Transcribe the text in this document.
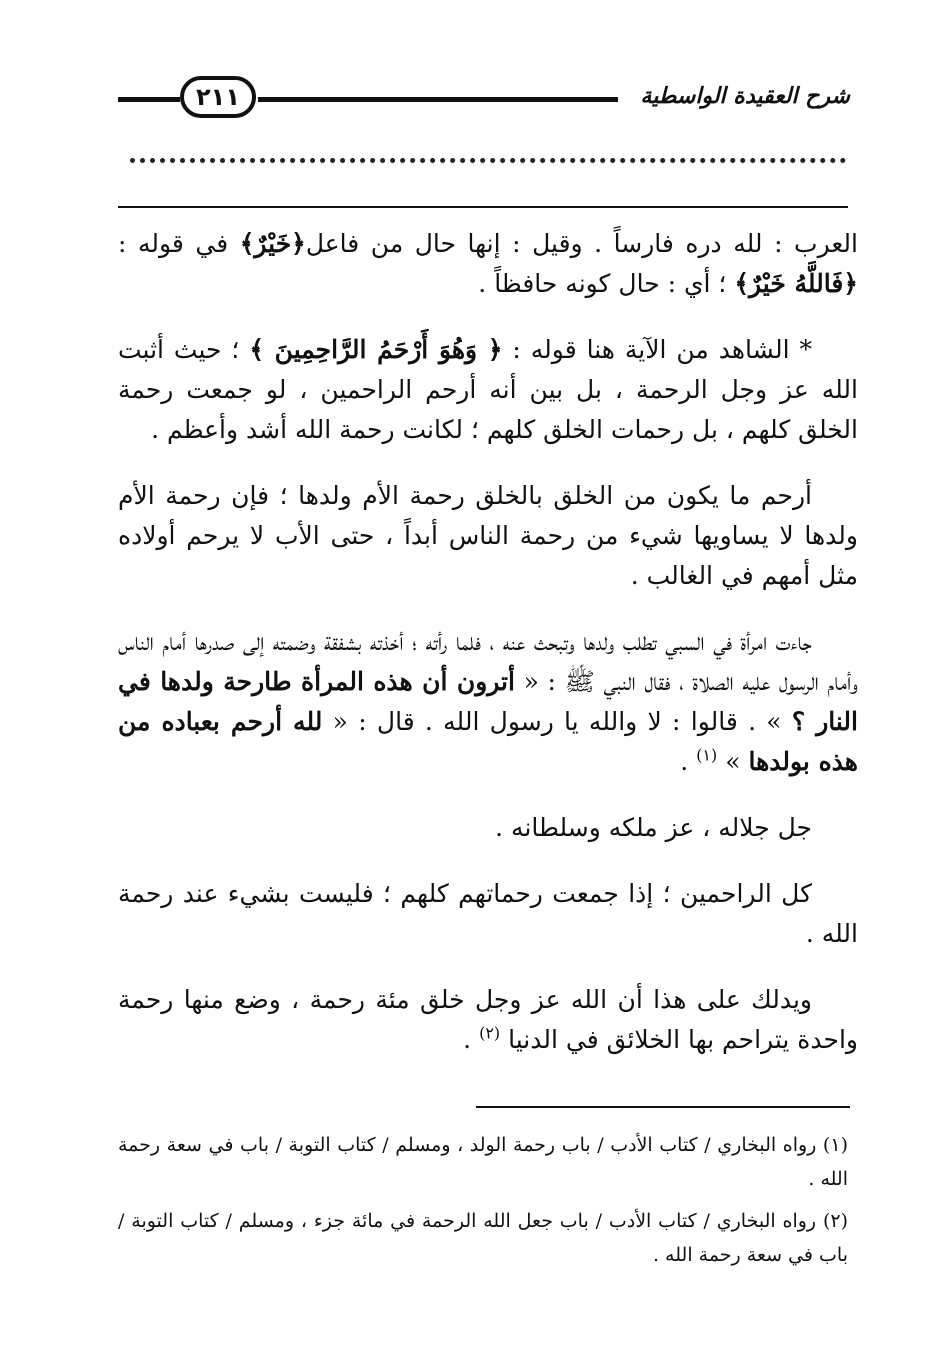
شرح العقيدة الواسطية
٢١١

العرب : لله دره فارساً . وقيل : إنها حال من فاعل﴿خَيْرٌ﴾ في قوله : ﴿فَاللَّهُ خَيْرٌ﴾ ؛ أي : حال كونه حافظاً .

* الشاهد من الآية هنا قوله : ﴿ وَهُوَ أَرْحَمُ الرَّاحِمِينَ ﴾ ؛ حيث أثبت الله عز وجل الرحمة ، بل بين أنه أرحم الراحمين ، لو جمعت رحمة الخلق كلهم ، بل رحمات الخلق كلهم ؛ لكانت رحمة الله أشد وأعظم .

أرحم ما يكون من الخلق بالخلق رحمة الأم ولدها ؛ فإن رحمة الأم ولدها لا يساويها شيء من رحمة الناس أبداً ، حتى الأب لا يرحم أولاده مثل أمهم في الغالب .

جاءت امرأة في السبي تطلب ولدها وتبحث عنه ، فلما رأته ؛ أخذته بشفقة وضمته إلى صدرها أمام الناس وأمام الرسول عليه الصلاة ، فقال النبي ﷺ : « أترون أن هذه المرأة طارحة ولدها في النار ؟ » . قالوا : لا والله يا رسول الله . قال : « لله أرحم بعباده من هذه بولدها » $^{(١)}$ .

جل جلاله ، عز ملكه وسلطانه .

كل الراحمين ؛ إذا جمعت رحماتهم كلهم ؛ فليست بشيء عند رحمة الله .

ويدلك على هذا أن الله عز وجل خلق مئة رحمة ، وضع منها رحمة واحدة يتراحم بها الخلائق في الدنيا $^{(٢)}$ .

(١) رواه البخاري / كتاب الأدب / باب رحمة الولد ، ومسلم / كتاب التوبة / باب في سعة رحمة الله .

(٢) رواه البخاري / كتاب الأدب / باب جعل الله الرحمة في مائة جزء ، ومسلم / كتاب التوبة / باب في سعة رحمة الله .
